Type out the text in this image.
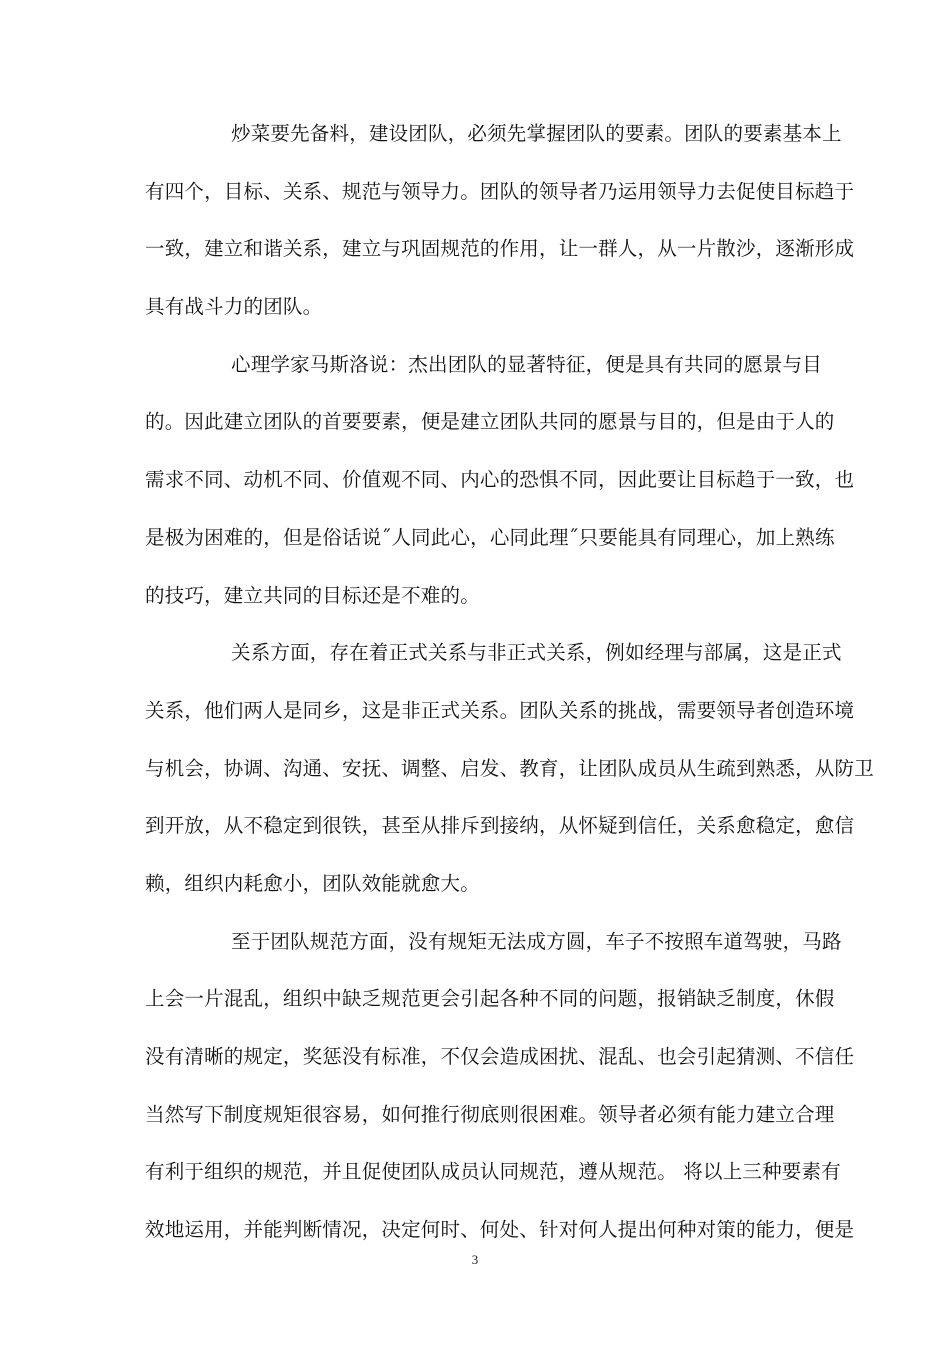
炒菜要先备料，建设团队，必须先掌握团队的要素。团队的要素基本上
有四个，目标、关系、规范与领导力。团队的领导者乃运用领导力去促使目标趋于
一致，建立和谐关系，建立与巩固规范的作用，让一群人，从一片散沙，逐渐形成
具有战斗力的团队。
心理学家马斯洛说：杰出团队的显著特征，便是具有共同的愿景与目
的。因此建立团队的首要要素，便是建立团队共同的愿景与目的，但是由于人的
需求不同、动机不同、价值观不同、内心的恐惧不同，因此要让目标趋于一致，也
是极为困难的，但是俗话说˝人同此心，心同此理˝只要能具有同理心，加上熟练
的技巧，建立共同的目标还是不难的。
关系方面，存在着正式关系与非正式关系，例如经理与部属，这是正式
关系，他们两人是同乡，这是非正式关系。团队关系的挑战，需要领导者创造环境
与机会，协调、沟通、安抚、调整、启发、教育，让团队成员从生疏到熟悉，从防卫
到开放，从不稳定到很铁，甚至从排斥到接纳，从怀疑到信任，关系愈稳定，愈信
赖，组织内耗愈小，团队效能就愈大。
至于团队规范方面，没有规矩无法成方圆，车子不按照车道驾驶，马路
上会一片混乱，组织中缺乏规范更会引起各种不同的问题，报销缺乏制度，休假
没有清晰的规定，奖惩没有标准，不仅会造成困扰、混乱、也会引起猜测、不信任
当然写下制度规矩很容易，如何推行彻底则很困难。领导者必须有能力建立合理
有利于组织的规范，并且促使团队成员认同规范，遵从规范。 将以上三种要素有
效地运用，并能判断情况，决定何时、何处、针对何人提出何种对策的能力，便是
3
